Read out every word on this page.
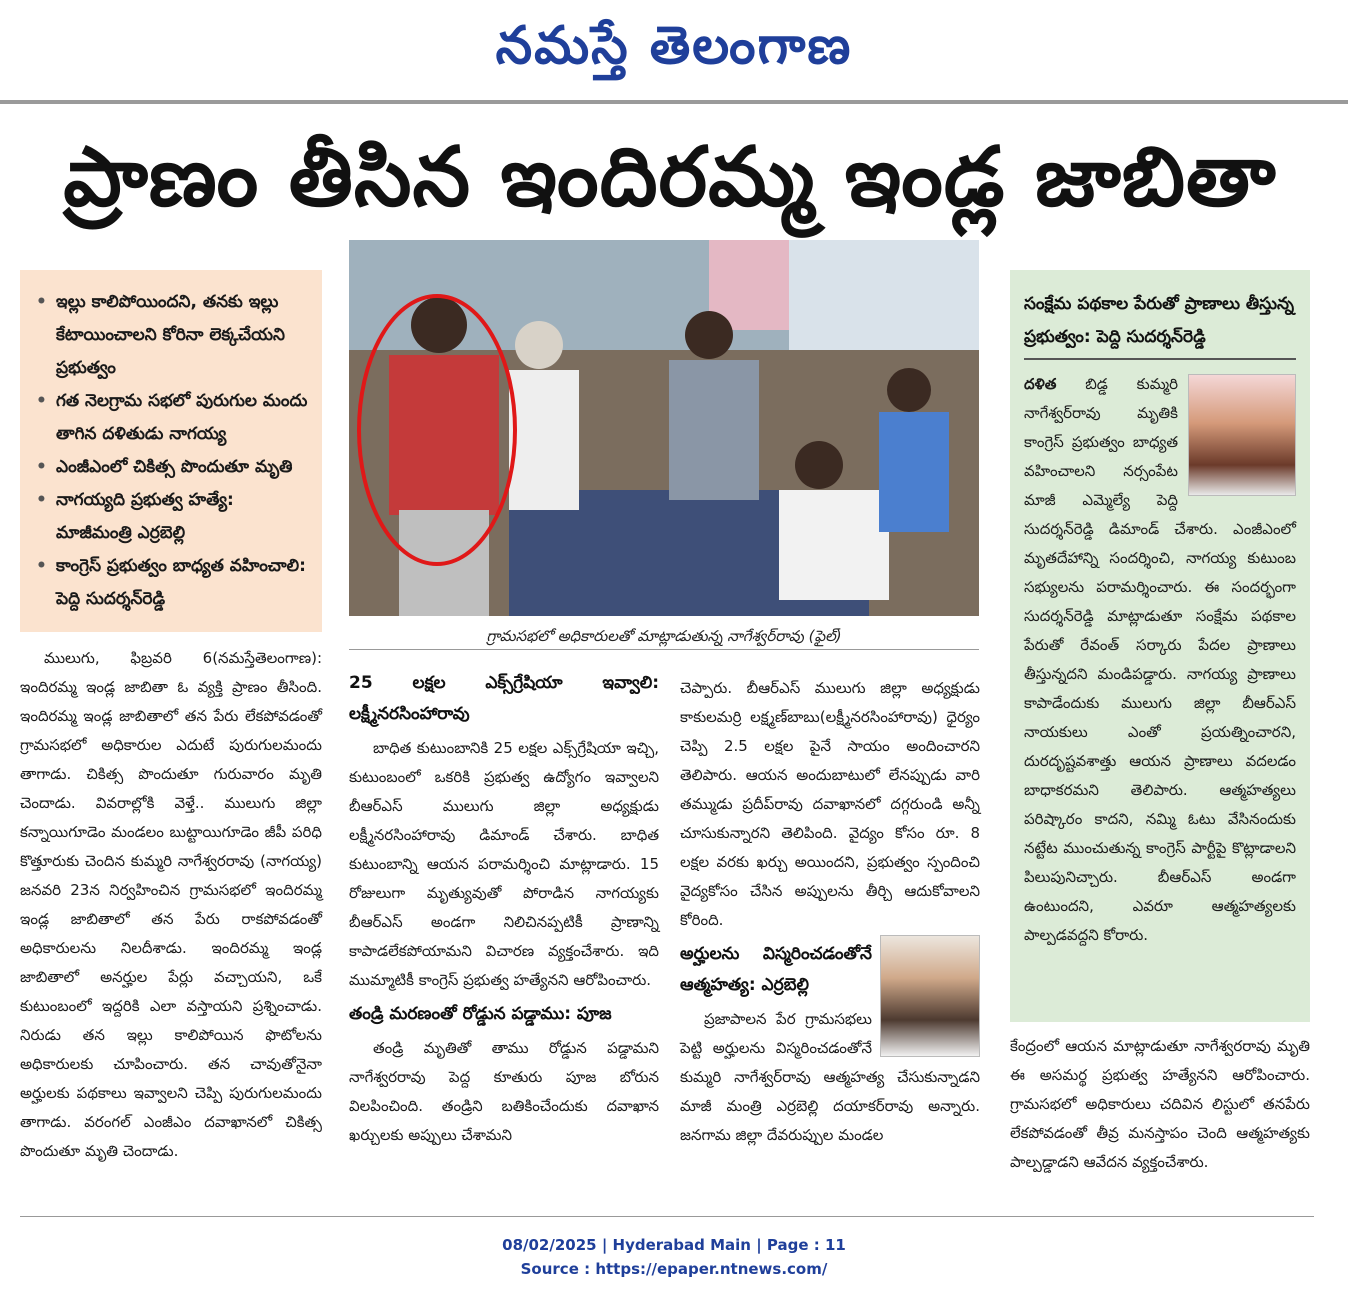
నమస్తే తెలంగాణ
ప్రాణం తీసిన ఇందిరమ్మ ఇండ్ల జాబితా
• ఇల్లు కాలిపోయిందని, తనకు ఇల్లు కేటాయించాలని కోరినా లెక్కచేయని ప్రభుత్వం
• గత నెలగ్రామ సభలో పురుగుల మందు తాగిన దళితుడు నాగయ్య
• ఎంజీఎంలో చికిత్స పొందుతూ మృతి
• నాగయ్యది ప్రభుత్వ హత్యే: మాజీమంత్రి ఎర్రబెల్లి
• కాంగ్రెస్ ప్రభుత్వం బాధ్యత వహించాలి: పెద్ది సుదర్శన్‌రెడ్డి
గ్రామసభలో అధికారులతో మాట్లాడుతున్న నాగేశ్వర్‌రావు (ఫైల్)
సంక్షేమ పథకాల పేరుతో ప్రాణాలు తీస్తున్న ప్రభుత్వం: పెద్ది సుదర్శన్‌రెడ్డి
దళిత బిడ్డ కుమ్మరి నాగేశ్వర్‌రావు మృతికి కాంగ్రెస్ ప్రభుత్వం బాధ్యత వహించాలని నర్సంపేట మాజీ ఎమ్మెల్యే పెద్ది సుదర్శన్‌రెడ్డి డిమాండ్ చేశారు. ఎంజీఎంలో మృతదేహాన్ని సందర్శించి, నాగయ్య కుటుంబ సభ్యులను పరామర్శించారు. ఈ సందర్భంగా సుదర్శన్‌రెడ్డి మాట్లాడుతూ సంక్షేమ పథకాల పేరుతో రేవంత్ సర్కారు పేదల ప్రాణాలు తీస్తున్నదని మండిపడ్డారు. నాగయ్య ప్రాణాలు కాపాడేందుకు ములుగు జిల్లా బీఆర్ఎస్ నాయకులు ఎంతో ప్రయత్నించారని, దురదృష్టవశాత్తు ఆయన ప్రాణాలు వదలడం బాధాకరమని తెలిపారు. ఆత్మహత్యలు పరిష్కారం కాదని, నమ్మి ఓటు వేసినందుకు నట్టేట ముంచుతున్న కాంగ్రెస్ పార్టీపై కొట్లాడాలని పిలుపునిచ్చారు. బీఆర్ఎస్ అండగా ఉంటుందని, ఎవరూ ఆత్మహత్యలకు పాల్పడవద్దని కోరారు.

ములుగు, ఫిబ్రవరి 6(నమస్తేతెలంగాణ): ఇందిరమ్మ ఇండ్ల జాబితా ఓ వ్యక్తి ప్రాణం తీసింది. ఇందిరమ్మ ఇండ్ల జాబితాలో తన పేరు లేకపోవడంతో గ్రామసభలో అధికారుల ఎదుటే పురుగులమందు తాగాడు. చికిత్స పొందుతూ గురువారం మృతి చెందాడు. వివరాల్లోకి వెళ్తే.. ములుగు జిల్లా కన్నాయిగూడెం మండలం బుట్టాయిగూడెం జీపీ పరిధి కొత్తూరుకు చెందిన కుమ్మరి నాగేశ్వరరావు (నాగయ్య) జనవరి 23న నిర్వహించిన గ్రామసభలో ఇందిరమ్మ ఇండ్ల జాబితాలో తన పేరు రాకపోవడంతో అధికారులను నిలదీశాడు. ఇందిరమ్మ ఇండ్ల జాబితాలో అనర్హుల పేర్లు వచ్చాయని, ఒకే కుటుంబంలో ఇద్దరికి ఎలా వస్తాయని ప్రశ్నించాడు. నిరుడు తన ఇల్లు కాలిపోయిన ఫొటోలను అధికారులకు చూపించారు. తన చావుతోనైనా అర్హులకు పథకాలు ఇవ్వాలని చెప్పి పురుగులమందు తాగాడు. వరంగల్ ఎంజీఎం దవాఖానలో చికిత్స పొందుతూ మృతి చెందాడు.

25 లక్షల ఎక్స్‌గ్రేషియా ఇవ్వాలి: లక్ష్మీనరసింహారావు

బాధిత కుటుంబానికి 25 లక్షల ఎక్స్‌గ్రేషియా ఇచ్చి, కుటుంబంలో ఒకరికి ప్రభుత్వ ఉద్యోగం ఇవ్వాలని బీఆర్ఎస్ ములుగు జిల్లా అధ్యక్షుడు లక్ష్మీనరసింహారావు డిమాండ్ చేశారు. బాధిత కుటుంబాన్ని ఆయన పరామర్శించి మాట్లాడారు. 15 రోజులుగా మృత్యువుతో పోరాడిన నాగయ్యకు బీఆర్ఎస్ అండగా నిలిచినప్పటికీ ప్రాణాన్ని కాపాడలేకపోయామని విచారణ వ్యక్తంచేశారు. ఇది ముమ్మాటికీ కాంగ్రెస్ ప్రభుత్వ హత్యేనని ఆరోపించారు.

తండ్రి మరణంతో రోడ్డున పడ్డాము: పూజ

తండ్రి మృతితో తాము రోడ్డున పడ్డామని నాగేశ్వరరావు పెద్ద కూతురు పూజ బోరున విలపించింది. తండ్రిని బతికించేందుకు దవాఖాన ఖర్చులకు అప్పులు చేశామని

చెప్పారు. బీఆర్ఎస్ ములుగు జిల్లా అధ్యక్షుడు కాకులమర్రి లక్ష్మణ్‌బాబు(లక్ష్మీనరసింహారావు) ధైర్యం చెప్పి 2.5 లక్షల పైనే సాయం అందించారని తెలిపారు. ఆయన అందుబాటులో లేనప్పుడు వారి తమ్ముడు ప్రదీప్‌రావు దవాఖానలో దగ్గరుండి అన్నీ చూసుకున్నారని తెలిపింది. వైద్యం కోసం రూ. 8 లక్షల వరకు ఖర్చు అయిందని, ప్రభుత్వం స్పందించి వైద్యకోసం చేసిన అప్పులను తీర్చి ఆదుకోవాలని కోరింది.

అర్హులను విస్మరించడంతోనే ఆత్మహత్య: ఎర్రబెల్లి

ప్రజాపాలన పేర గ్రామసభలు పెట్టి అర్హులను విస్మరించడంతోనే కుమ్మరి నాగేశ్వర్‌రావు ఆత్మహత్య చేసుకున్నాడని మాజీ మంత్రి ఎర్రబెల్లి దయాకర్‌రావు అన్నారు. జనగామ జిల్లా దేవరుప్పుల మండల

కేంద్రంలో ఆయన మాట్లాడుతూ నాగేశ్వరరావు మృతి ఈ అసమర్థ ప్రభుత్వ హత్యేనని ఆరోపించారు. గ్రామసభలో అధికారులు చదివిన లిస్టులో తనపేరు లేకపోవడంతో తీవ్ర మనస్తాపం చెంది ఆత్మహత్యకు పాల్పడ్డాడని ఆవేదన వ్యక్తంచేశారు.

08/02/2025 | Hyderabad Main | Page : 11
Source : https://epaper.ntnews.com/
